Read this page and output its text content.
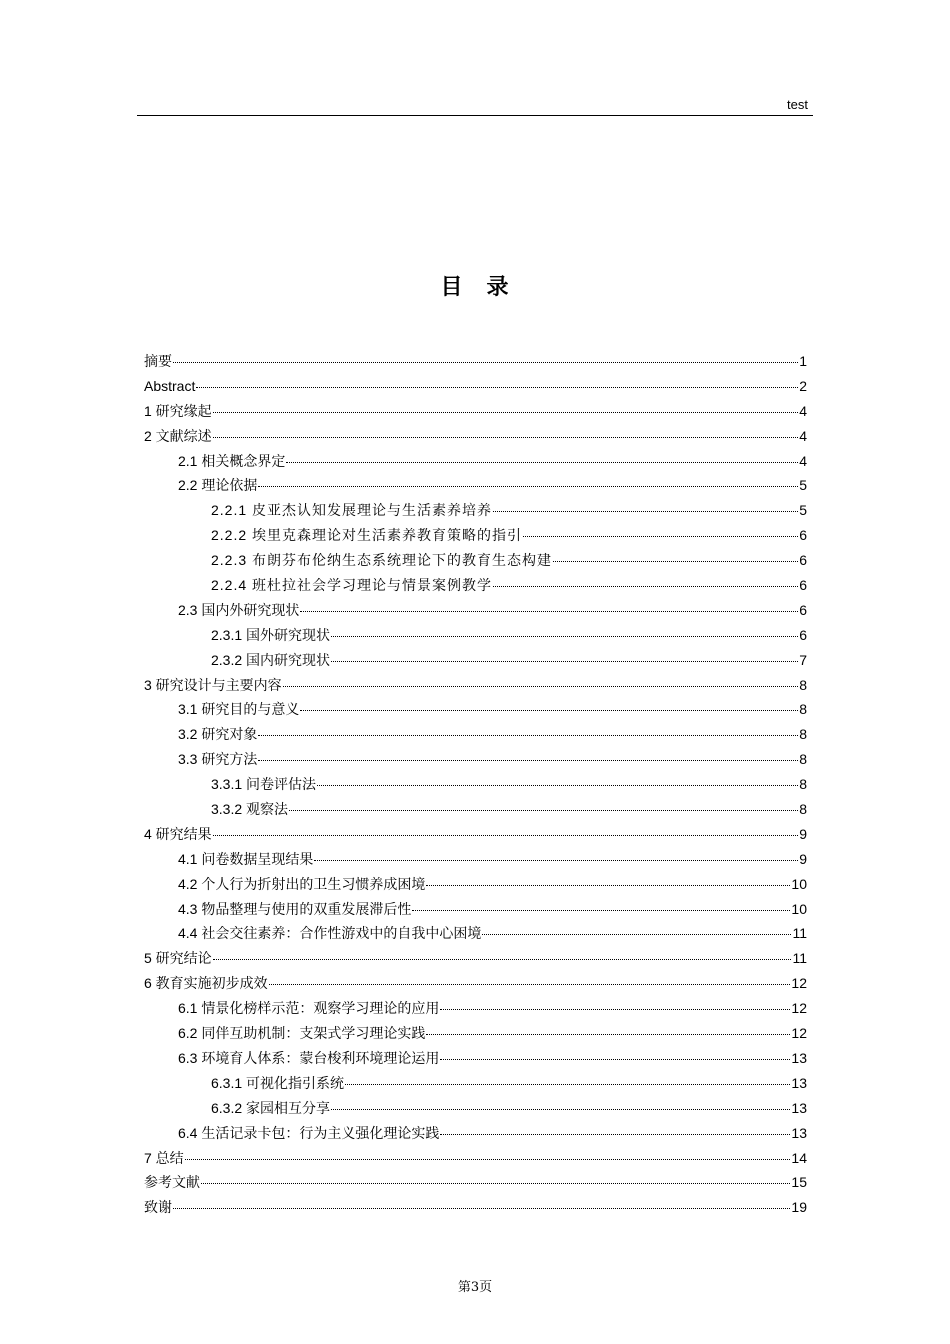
test
目　录
摘要	1
Abstract	2
1 研究缘起	4
2 文献综述	4
2.1 相关概念界定	4
2.2 理论依据	5
2.2.1 皮亚杰认知发展理论与生活素养培养	5
2.2.2 埃里克森理论对生活素养教育策略的指引	6
2.2.3 布朗芬布伦纳生态系统理论下的教育生态构建	6
2.2.4 班杜拉社会学习理论与情景案例教学	6
2.3 国内外研究现状	6
2.3.1 国外研究现状	6
2.3.2 国内研究现状	7
3 研究设计与主要内容	8
3.1 研究目的与意义	8
3.2 研究对象	8
3.3 研究方法	8
3.3.1 问卷评估法	8
3.3.2 观察法	8
4 研究结果	9
4.1 问卷数据呈现结果	9
4.2 个人行为折射出的卫生习惯养成困境	10
4.3 物品整理与使用的双重发展滞后性	10
4.4 社会交往素养：合作性游戏中的自我中心困境	11
5 研究结论	11
6 教育实施初步成效	12
6.1 情景化榜样示范：观察学习理论的应用	12
6.2 同伴互助机制：支架式学习理论实践	12
6.3 环境育人体系：蒙台梭利环境理论运用	13
6.3.1 可视化指引系统	13
6.3.2 家园相互分享	13
6.4 生活记录卡包：行为主义强化理论实践	13
7 总结	14
参考文献	15
致谢	19
第3页
